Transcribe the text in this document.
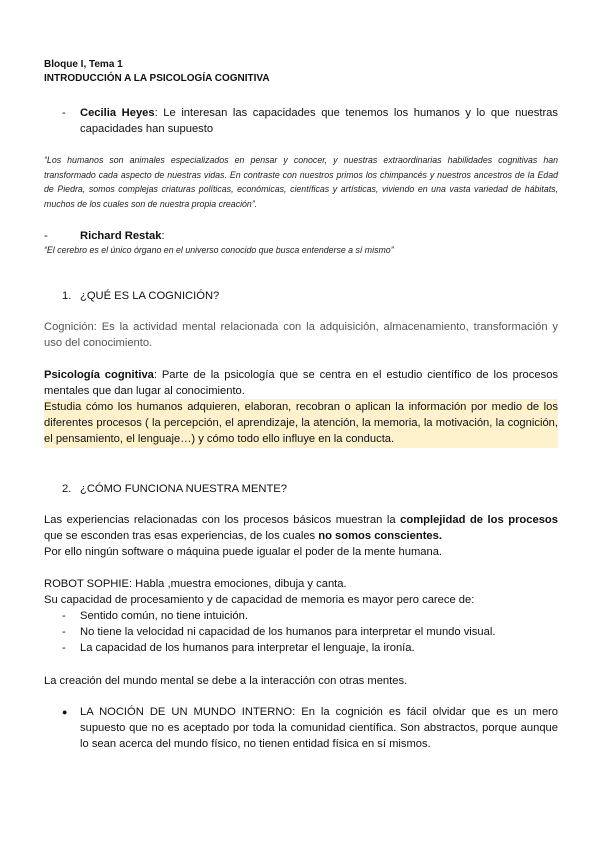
Bloque I, Tema 1
INTRODUCCIÓN A LA PSICOLOGÍA COGNITIVA
- Cecilia Heyes: Le interesan las capacidades que tenemos los humanos y lo que nuestras capacidades han supuesto
“Los humanos son animales especializados en pensar y conocer, y nuestras extraordinarias habilidades cognitivas han transformado cada aspecto de nuestras vidas. En contraste con nuestros primos los chimpancés y nuestros ancestros de la Edad de Piedra, somos complejas criaturas políticas, económicas, científicas y artísticas, viviendo en una vasta variedad de hábitats, muchos de los cuales son de nuestra propia creación”.
-	Richard Restak:
“El cerebro es el único órgano en el universo conocido que busca entenderse a sí mismo”
1. ¿QUÉ ES LA COGNICIÓN?
Cognición: Es la actividad mental relacionada con la adquisición, almacenamiento, transformación y uso del conocimiento.
Psicología cognitiva: Parte de la psicología que se centra en el estudio científico de los procesos mentales que dan lugar al conocimiento.
Estudia cómo los humanos adquieren, elaboran, recobran o aplican la información por medio de los diferentes procesos ( la percepción, el aprendizaje, la atención, la memoria, la motivación, la cognición, el pensamiento, el lenguaje…) y cómo todo ello influye en la conducta.
2. ¿CÓMO FUNCIONA NUESTRA MENTE?
Las experiencias relacionadas con los procesos básicos muestran la complejidad de los procesos que se esconden tras esas experiencias, de los cuales no somos conscientes.
Por ello ningún software o máquina puede igualar el poder de la mente humana.
ROBOT SOPHIE: Habla ,muestra emociones, dibuja y canta.
Su capacidad de procesamiento y de capacidad de memoria es mayor pero carece de:
- Sentido común, no tiene intuición.
- No tiene la velocidad ni capacidad de los humanos para interpretar el mundo visual.
- La capacidad de los humanos para interpretar el lenguaje, la ironía.
La creación del mundo mental se debe a la interacción con otras mentes.
● LA NOCIÓN DE UN MUNDO INTERNO: En la cognición es fácil olvidar que es un mero supuesto que no es aceptado por toda la comunidad científica. Son abstractos, porque aunque lo sean acerca del mundo físico, no tienen entidad física en sí mismos.
